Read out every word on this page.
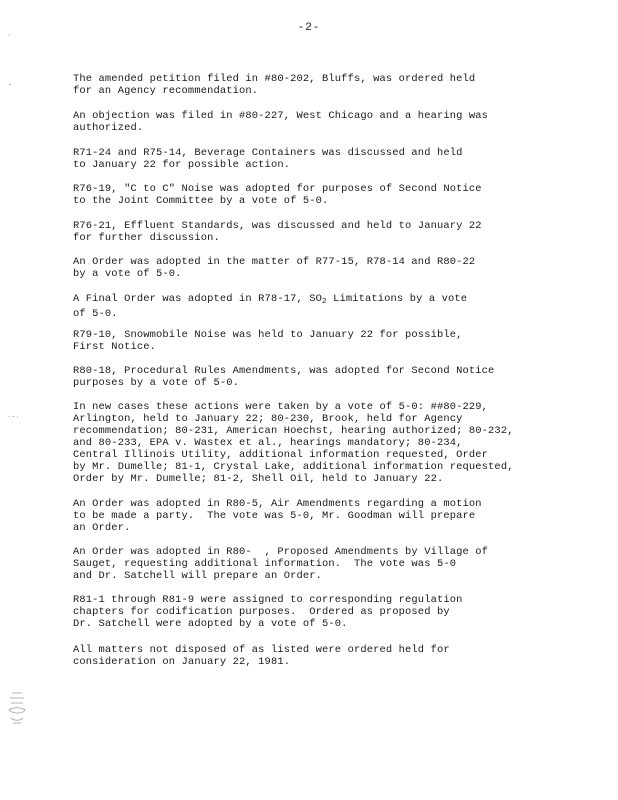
-2-
˯
ˍ
ˌˍˌ

The amended petition filed in #80-202, Bluffs, was ordered held
for an Agency recommendation.

An objection was filed in #80-227, West Chicago and a hearing was
authorized.

R71-24 and R75-14, Beverage Containers was discussed and held
to January 22 for possible action.

R76-19, "C to C" Noise was adopted for purposes of Second Notice
to the Joint Committee by a vote of 5-0.

R76-21, Effluent Standards, was discussed and held to January 22
for further discussion.

An Order was adopted in the matter of R77-15, R78-14 and R80-22
by a vote of 5-0.

A Final Order was adopted in R78-17, $SO_2$ Limitations by a vote
of 5-0.

R79-10, Snowmobile Noise was held to January 22 for possible,
First Notice.

R80-18, Procedural Rules Amendments, was adopted for Second Notice
purposes by a vote of 5-0.

In new cases these actions were taken by a vote of 5-0: ##80-229,
Arlington, held to January 22; 80-230, Brook, held for Agency
recommendation; 80-231, American Hoechst, hearing authorized; 80-232,
and 80-233, EPA v. Wastex et al., hearings mandatory; 80-234,
Central Illinois Utility, additional information requested, Order
by Mr. Dumelle; 81-1, Crystal Lake, additional information requested,
Order by Mr. Dumelle; 81-2, Shell Oil, held to January 22.

An Order was adopted in R80-5, Air Amendments regarding a motion
to be made a party.  The vote was 5-0, Mr. Goodman will prepare
an Order.

An Order was adopted in R80-  , Proposed Amendments by Village of
Sauget, requesting additional information.  The vote was 5-0
and Dr. Satchell will prepare an Order.

R81-1 through R81-9 were assigned to corresponding regulation
chapters for codification purposes.  Ordered as proposed by
Dr. Satchell were adopted by a vote of 5-0.

All matters not disposed of as listed were ordered held for
consideration on January 22, 1981.
